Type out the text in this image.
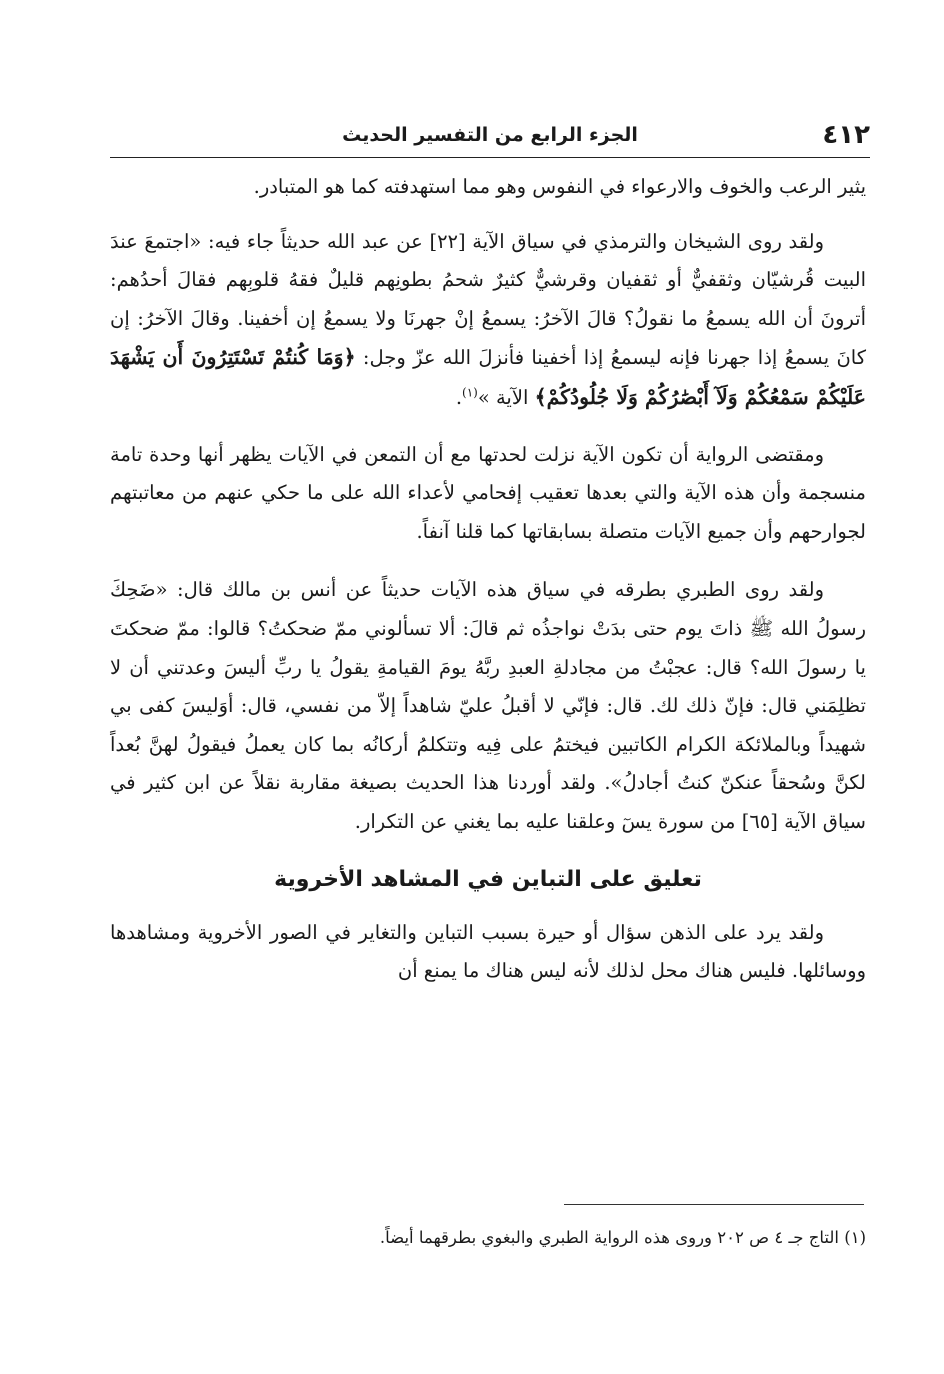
٤١٢
الجزء الرابع من التفسير الحديث

يثير الرعب والخوف والارعواء في النفوس وهو مما استهدفته كما هو المتبادر.

ولقد روى الشيخان والترمذي في سياق الآية [٢٢] عن عبد الله حديثاً جاء فيه: «اجتمعَ عندَ البيت قُرشيّان وثقفيٌّ أو ثقفيان وقرشيٌّ كثيرٌ شحمُ بطونِهم قليلٌ فقهُ قلوبِهم فقالَ أحدُهم: أترونَ أن الله يسمعُ ما نقولُ؟ قالَ الآخرُ: يسمعُ إنْ جهرنَا ولا يسمعُ إن أخفينا. وقالَ الآخرُ: إن كانَ يسمعُ إذا جهرنا فإنه ليسمعُ إذا أخفينا فأنزلَ الله عزّ وجل: ﴿وَمَا كُنتُمْ تَسْتَتِرُونَ أَن يَشْهَدَ عَلَيْكُمْ سَمْعُكُمْ وَلَآ أَبْصَٰرُكُمْ وَلَا جُلُودُكُمْ﴾ الآية »$^{(١)}$.

ومقتضى الرواية أن تكون الآية نزلت لحدتها مع أن التمعن في الآيات يظهر أنها وحدة تامة منسجمة وأن هذه الآية والتي بعدها تعقيب إفحامي لأعداء الله على ما حكي عنهم من معاتبتهم لجوارحهم وأن جميع الآيات متصلة بسابقاتها كما قلنا آنفاً.

ولقد روى الطبري بطرقه في سياق هذه الآيات حديثاً عن أنس بن مالك قال: «ضَحِكَ رسولُ الله ﷺ ذاتَ يوم حتى بدَتْ نواجذُه ثم قالَ: ألا تسألوني ممّ ضحكتُ؟ قالوا: ممّ ضحكتَ يا رسولَ الله؟ قال: عجبْتُ من مجادلةِ العبدِ ربَّهُ يومَ القيامةِ يقولُ يا ربِّ أليسَ وعدتني أن لا تظلِمَني قال: فإنّ ذلك لك. قال: فإنّي لا أقبلُ عليّ شاهداً إلاّ من نفسي، قال: أوَليسَ كفى بي شهيداً وبالملائكة الكرام الكاتبين فيختمُ على فِيه وتتكلمُ أركانُه بما كان يعملُ فيقولُ لهنَّ بُعداً لكنَّ وسُحقاً عنكنّ كنتُ أجادلُ». ولقد أوردنا هذا الحديث بصيغة مقاربة نقلاً عن ابن كثير في سياق الآية [٦٥] من سورة يسٓ وعلقنا عليه بما يغني عن التكرار.

تعليق على التباين في المشاهد الأخروية

ولقد يرد على الذهن سؤال أو حيرة بسبب التباين والتغاير في الصور الأخروية ومشاهدها ووسائلها. فليس هناك محل لذلك لأنه ليس هناك ما يمنع أن

(١) التاج جـ ٤ ص ٢٠٢ وروى هذه الرواية الطبري والبغوي بطرقهما أيضاً.
